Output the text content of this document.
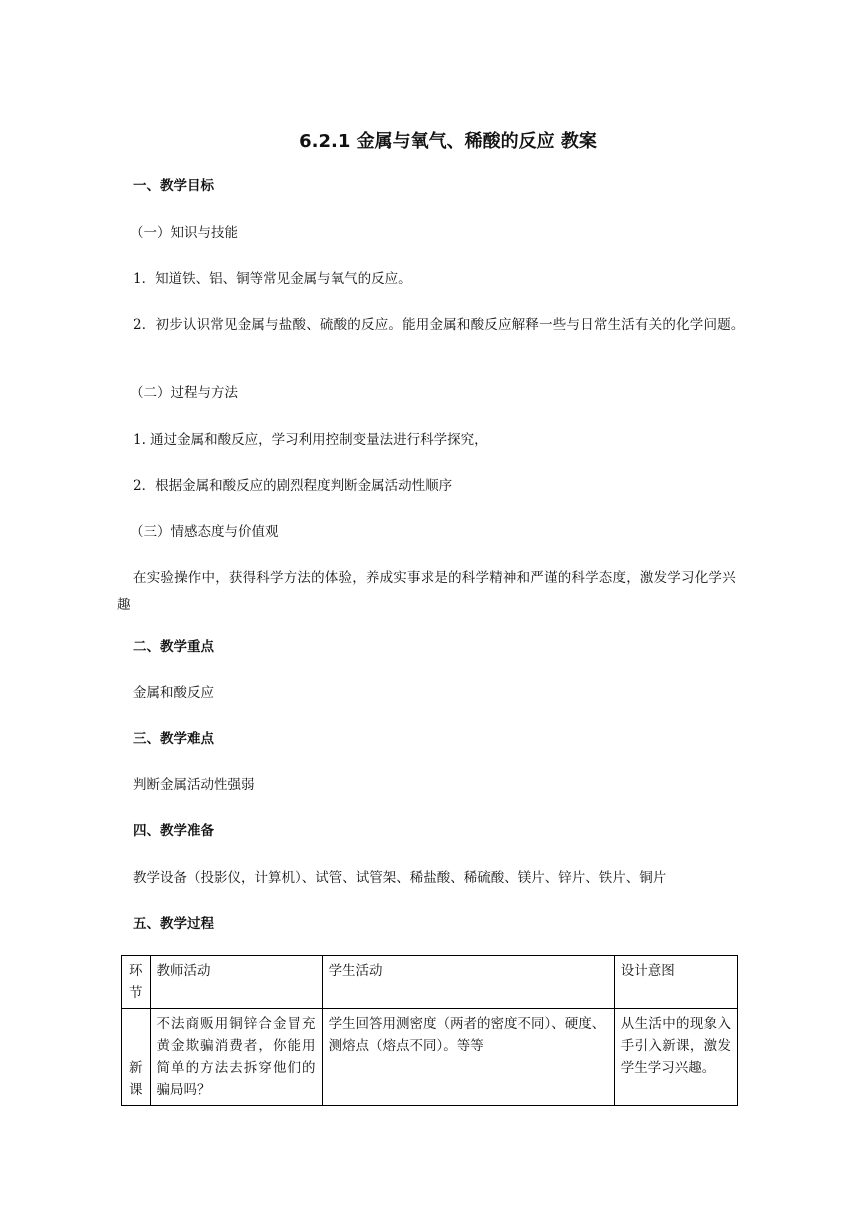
6.2.1 金属与氧气、稀酸的反应 教案
一、教学目标
（一）知识与技能
1．知道铁、铝、铜等常见金属与氧气的反应。
2．初步认识常见金属与盐酸、硫酸的反应。能用金属和酸反应解释一些与日常生活有关的化学问题。
（二）过程与方法
1. 通过金属和酸反应，学习利用控制变量法进行科学探究，
2．根据金属和酸反应的剧烈程度判断金属活动性顺序
（三）情感态度与价值观
在实验操作中，获得科学方法的体验，养成实事求是的科学精神和严谨的科学态度，激发学习化学兴趣
二、教学重点
金属和酸反应
三、教学难点
判断金属活动性强弱
四、教学准备
教学设备（投影仪，计算机）、试管、试管架、稀盐酸、稀硫酸、镁片、锌片、铁片、铜片
五、教学过程
环节	教师活动	学生活动	设计意图
新课	不法商贩用铜锌合金冒充黄金欺骗消费者，你能用简单的方法去拆穿他们的骗局吗？	学生回答用测密度（两者的密度不同）、硬度、测熔点（熔点不同）。等等	从生活中的现象入手引入新课，激发学生学习兴趣。
